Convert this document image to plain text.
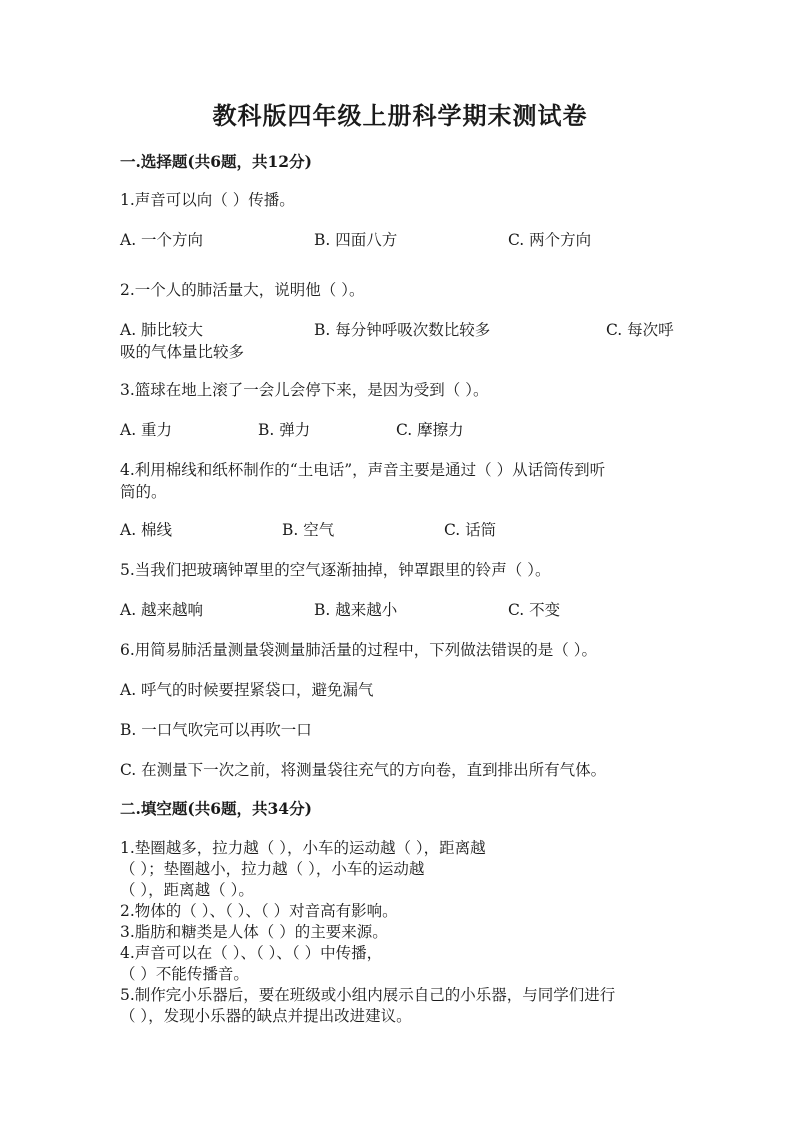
教科版四年级上册科学期末测试卷
一.选择题(共6题，共12分)
1.声音可以向（ ）传播。
A. 一个方向	B. 四面八方	C. 两个方向
2.一个人的肺活量大，说明他（ ）。
A. 肺比较大	B. 每分钟呼吸次数比较多	C. 每次呼
吸的气体量比较多
3.篮球在地上滚了一会儿会停下来，是因为受到（ ）。
A. 重力	B. 弹力	C. 摩擦力
4.利用棉线和纸杯制作的“土电话”，声音主要是通过（ ）从话筒传到听
筒的。
A. 棉线	B. 空气	C. 话筒
5.当我们把玻璃钟罩里的空气逐渐抽掉，钟罩跟里的铃声（ ）。
A. 越来越响	B. 越来越小	C. 不变
6.用简易肺活量测量袋测量肺活量的过程中，下列做法错误的是（ ）。
A. 呼气的时候要捏紧袋口，避免漏气
B. 一口气吹完可以再吹一口
C. 在测量下一次之前，将测量袋往充气的方向卷，直到排出所有气体。
二.填空题(共6题，共34分)
1.垫圈越多，拉力越（ ），小车的运动越（ ），距离越
（ ）；垫圈越小，拉力越（ ），小车的运动越
（ ），距离越（ ）。
2.物体的（ ）、（ ）、（ ）对音高有影响。
3.脂肪和糖类是人体（ ）的主要来源。
4.声音可以在（ ）、（ ）、（ ）中传播，
（ ）不能传播音。
5.制作完小乐器后，要在班级或小组内展示自己的小乐器，与同学们进行
（ ），发现小乐器的缺点并提出改进建议。
